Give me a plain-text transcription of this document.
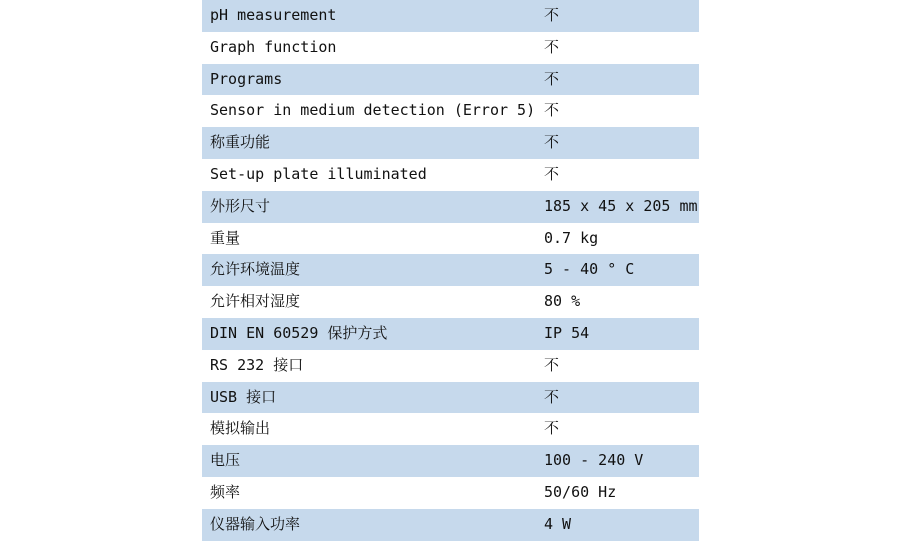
pH measurement	不
Graph function	不
Programs	不
Sensor in medium detection (Error 5)	不
称重功能	不
Set-up plate illuminated	不
外形尺寸	185 x 45 x 205 mm
重量	0.7 kg
允许环境温度	5 - 40 ° C
允许相对湿度	80 %
DIN EN 60529 保护方式	IP 54
RS 232 接口	不
USB 接口	不
模拟输出	不
电压	100 - 240 V
频率	50/60 Hz
仪器输入功率	4 W
